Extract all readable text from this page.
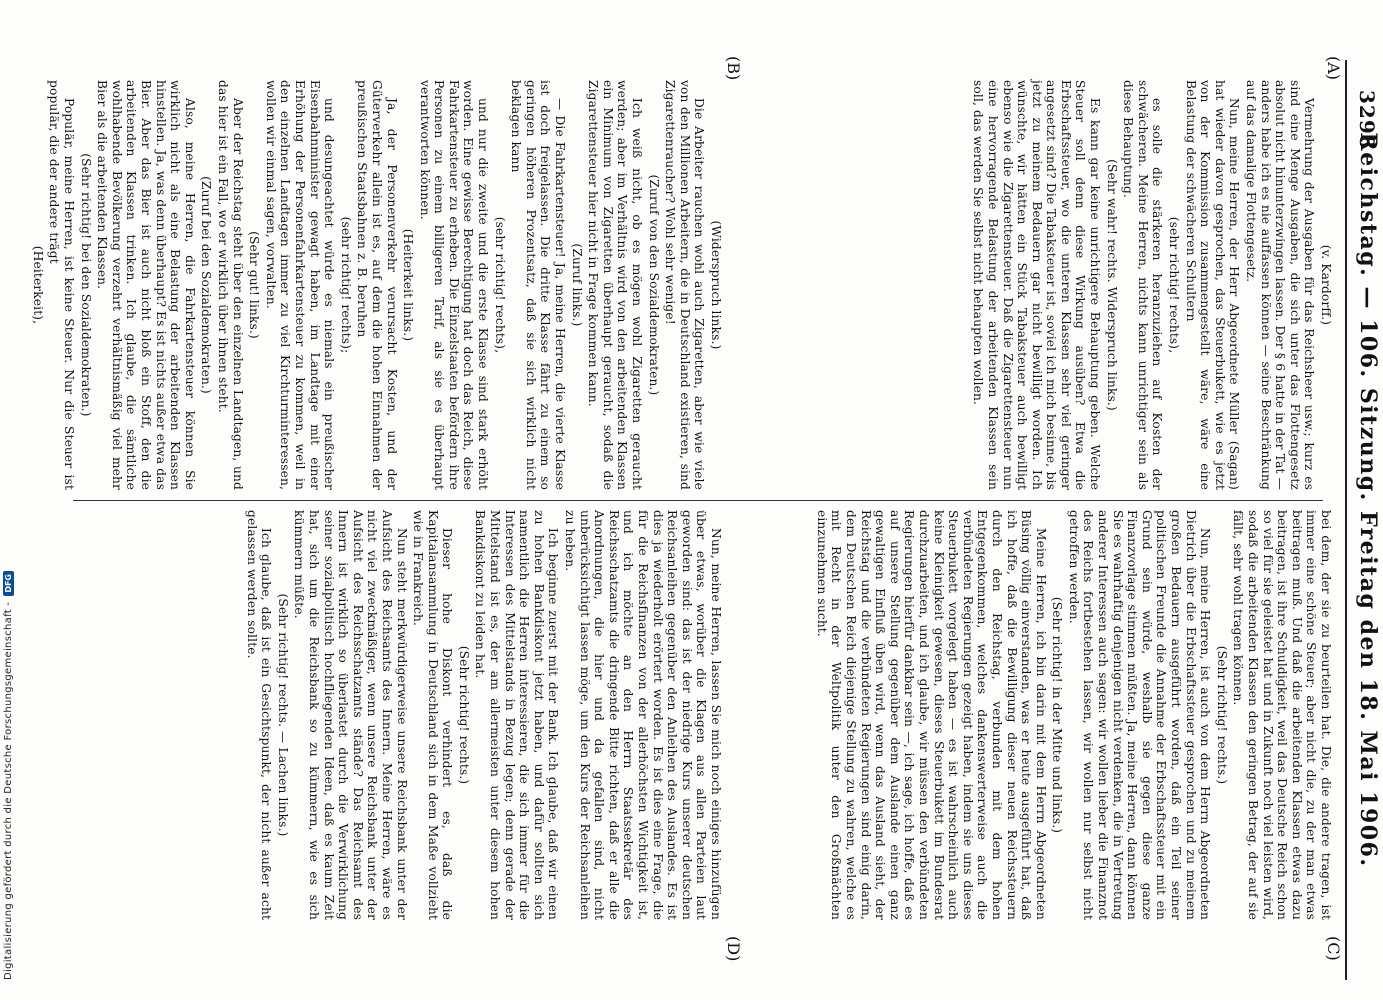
3298
Reichstag. — 106. Sitzung. Freitag den 18. Mai 1906.
(A)
(B)
(C)
(D)

(v. Kardorff.)

Vermehrung der Ausgaben für das Reichsheer usw.; kurz es sind eine Menge Ausgaben, die sich unter das Flottengesetz absolut nicht hinunterzwingen lassen. Der § 6 hatte in der Tat — anders habe ich es nie auffassen können — seine Beschränkung auf das damalige Flottengesetz.

Nun, meine Herren, der Herr Abgeordnete Müller (Sagan) hat wieder davon gesprochen, das Steuerbukett, wie es jetzt von der Kommission zusammengestellt wäre, wäre eine Belastung der schwächeren Schultern

(sehr richtig! rechts),

es solle die stärkeren heranzuziehen auf Kosten der schwächeren. Meine Herren, nichts kann unrichtiger sein als diese Behauptung.

(Sehr wahr! rechts. Widerspruch links.)

Es kann gar keine unrichtigere Behauptung geben. Welche Steuer soll denn diese Wirkung ausüben? Etwa die Erbschaftssteuer, wo die unteren Klassen sehr viel geringer angesetzt sind? Die Tabaksteuer ist, soviel ich mich besinne, bis jetzt zu meinem Bedauern gar nicht bewilligt worden. Ich wünschte, wir hätten ein Stück Tabaksteuer auch bewilligt ebenso wie die Zigarettensteuer. Daß die Zigarettensteuer nun eine hervorragende Belastung der arbeitenden Klassen sein soll, das werden Sie selbst nicht behaupten wollen.

(Widerspruch links.)

Die Arbeiter rauchen wohl auch Zigaretten, aber wie viele von den Millionen Arbeitern, die in Deutschland existieren, sind Zigarettenraucher? Wohl sehr wenige!

(Zuruf von den Sozialdemokraten.)

Ich weiß nicht, ob es mögen wohl Zigaretten geraucht werden; aber im Verhältnis wird von den arbeitenden Klassen ein Minimum von Zigaretten überhaupt geraucht, sodaß die Zigarettensteuer hier nicht in Frage kommen kann.

(Zuruf links.)

— Die Fahrkartensteuer! Ja, meine Herren, die vierte Klasse ist doch freigelassen. Die dritte Klasse fährt zu einem so geringen höheren Prozentsatz, daß sie sich wirklich nicht beklagen kann

(sehr richtig! rechts),

und nur die zweite und die erste Klasse sind stark erhöht worden. Eine gewisse Berechtigung hat doch das Reich, diese Fahrkartensteuer zu erheben. Die Einzelstaaten befördern ihre Personen zu einem billigeren Tarif, als sie es überhaupt verantworten können.

(Heiterkeit links.)

Ja, der Personenverkehr verursacht Kosten, und der Güterverkehr allein ist es, auf dem die hohen Einnahmen der preußischen Staatsbahnen z. B. beruhen

(sehr richtig! rechts);

und desungeachtet würde es niemals ein preußischer Eisenbahnminister gewagt haben, im Landtage mit einer Erhöhung der Personenfahrkartensteuer zu kommen, weil in den einzelnen Landtagen immer zu viel Kirchturminteressen, wollen wir einmal sagen, vorwalten.

(Sehr gut! links.)

Aber der Reichstag steht über den einzelnen Landtagen, und das hier ist ein Fall, wo er wirklich über ihnen steht.

(Zuruf bei den Sozialdemokraten.)

Also, meine Herren, die Fahrkartensteuer können Sie wirklich nicht als eine Belastung der arbeitenden Klassen hinstellen. Ja, was denn überhaupt? Es ist nichts außer etwa das Bier. Aber das Bier ist auch nicht bloß ein Stoff, den die arbeitenden Klassen trinken. Ich glaube, die sämtliche wohlhabende Bevölkerung verzehrt verhältnismäßig viel mehr Bier als die arbeitenden Klassen.

(Sehr richtig! bei den Sozialdemokraten.)

Populär, meine Herren, ist keine Steuer. Nur die Steuer ist populär, die der andere trägt

(Heiterkeit),

bei dem, der sie zu beurteilen hat. Die, die andere tragen, ist immer eine schöne Steuer; aber nicht die, zu der man etwas beitragen muß. Und daß die arbeitenden Klassen etwas dazu beitragen, ist ihre Schuldigkeit, weil das Deutsche Reich schon so viel für sie geleistet hat und in Zukunft noch viel leisten wird, sodaß die arbeitenden Klassen den geringen Betrag, der auf sie fällt, sehr wohl tragen können.

(Sehr richtig! rechts.)

Nun, meine Herren, ist auch von dem Herrn Abgeordneten Dietrich über die Erbschaftssteuer gesprochen und zu meinem großen Bedauern ausgeführt worden, daß ein Teil seiner politischen Freunde die Annahme der Erbschaftssteuer mit ein Grund sein würde, weshalb sie gegen diese ganze Finanzvorlage stimmen müßten. Ja, meine Herren, dann können Sie es wahrhaftig denjenigen nicht verdenken, die in Vertretung anderer Interessen auch sagen: wir wollen lieber die Finanznot des Reichs fortbestehen lassen, wir wollen nur selbst nicht getroffen werden.

(Sehr richtig! in der Mitte und links.)

Meine Herren, ich bin darin mit dem Herrn Abgeordneten Büsing völlig einverstanden, was er heute ausgeführt hat, daß ich hoffe, daß die Bewilligung dieser neuen Reichssteuern durch den Reichstag, verbunden mit dem hohen Entgegenkommen, welches dankenswerterweise auch die verbündeten Regierungen gezeigt haben, indem sie uns dieses Steuerbukett vorgelegt haben — es ist wahrscheinlich auch keine Kleinigkeit gewesen, dieses Steuerbukett im Bundesrat durchzuarbeiten, und ich glaube, wir müssen den verbündeten Regierungen hierfür dankbar sein —, ich sage, ich hoffe, daß es auf unsere Stellung gegenüber dem Auslande einen ganz gewaltigen Einfluß üben wird, wenn das Ausland sieht, der Reichstag und die verbündeten Regierungen sind einig darin, dem Deutschen Reich diejenige Stellung zu wahren, welche es mit Recht in der Weltpolitik unter den Großmächten einzunehmen sucht.

Nun, meine Herren, lassen Sie mich noch einiges hinzufügen über etwas, worüber die Klagen aus allen Parteien laut geworden sind: das ist der niedrige Kurs unserer deutschen Reichsanleihen gegenüber den Anleihen des Auslandes. Es ist dies ja wiederholt erörtert worden. Es ist dies eine Frage, die für die Reichsfinanzen von der allerhöchsten Wichtigkeit ist, und ich möchte an den Herrn Staatssekretär des Reichsschatzamts die dringende Bitte richten, daß er alle die Anordnungen, die hier und da gefallen sind, nicht unberücksichtigt lassen möge, um den Kurs der Reichsanleihen zu heben.

Ich beginne zuerst mit der Bank. Ich glaube, daß wir einen zu hohen Bankdiskont jetzt haben, und dafür sollten sich namentlich die Herren interessieren, die sich immer für die Interessen des Mittelstands in Bezug legen; denn gerade der Mittelstand ist es, der am allermeisten unter diesem hohen Bankdiskont zu leiden hat.

(Sehr richtig! rechts.)

Dieser hohe Diskont verhindert es, daß die Kapitalansammlung in Deutschland sich in dem Maße vollzieht wie in Frankreich.

Nun steht merkwürdigerweise unsere Reichsbank unter der Aufsicht des Reichsamts des Innern. Meine Herren, wäre es nicht viel zweckmäßiger, wenn unsere Reichsbank unter der Aufsicht des Reichsschatzamts stände? Das Reichsamt des Innern ist wirklich so überlastet durch die Verwirklichung seiner sozialpolitisch hochfliegenden Ideen, daß es kaum Zeit hat, sich um die Reichsbank so zu kümmern, wie es sich kümmern müßte.

(Sehr richtig! rechts. — Lachen links.)

Ich glaube, daß ist ein Gesichtspunkt, der nicht außer acht gelassen werden sollte.

Digitalisierung gefördert durch die Deutsche Forschungsgemeinschaft -
DFG
